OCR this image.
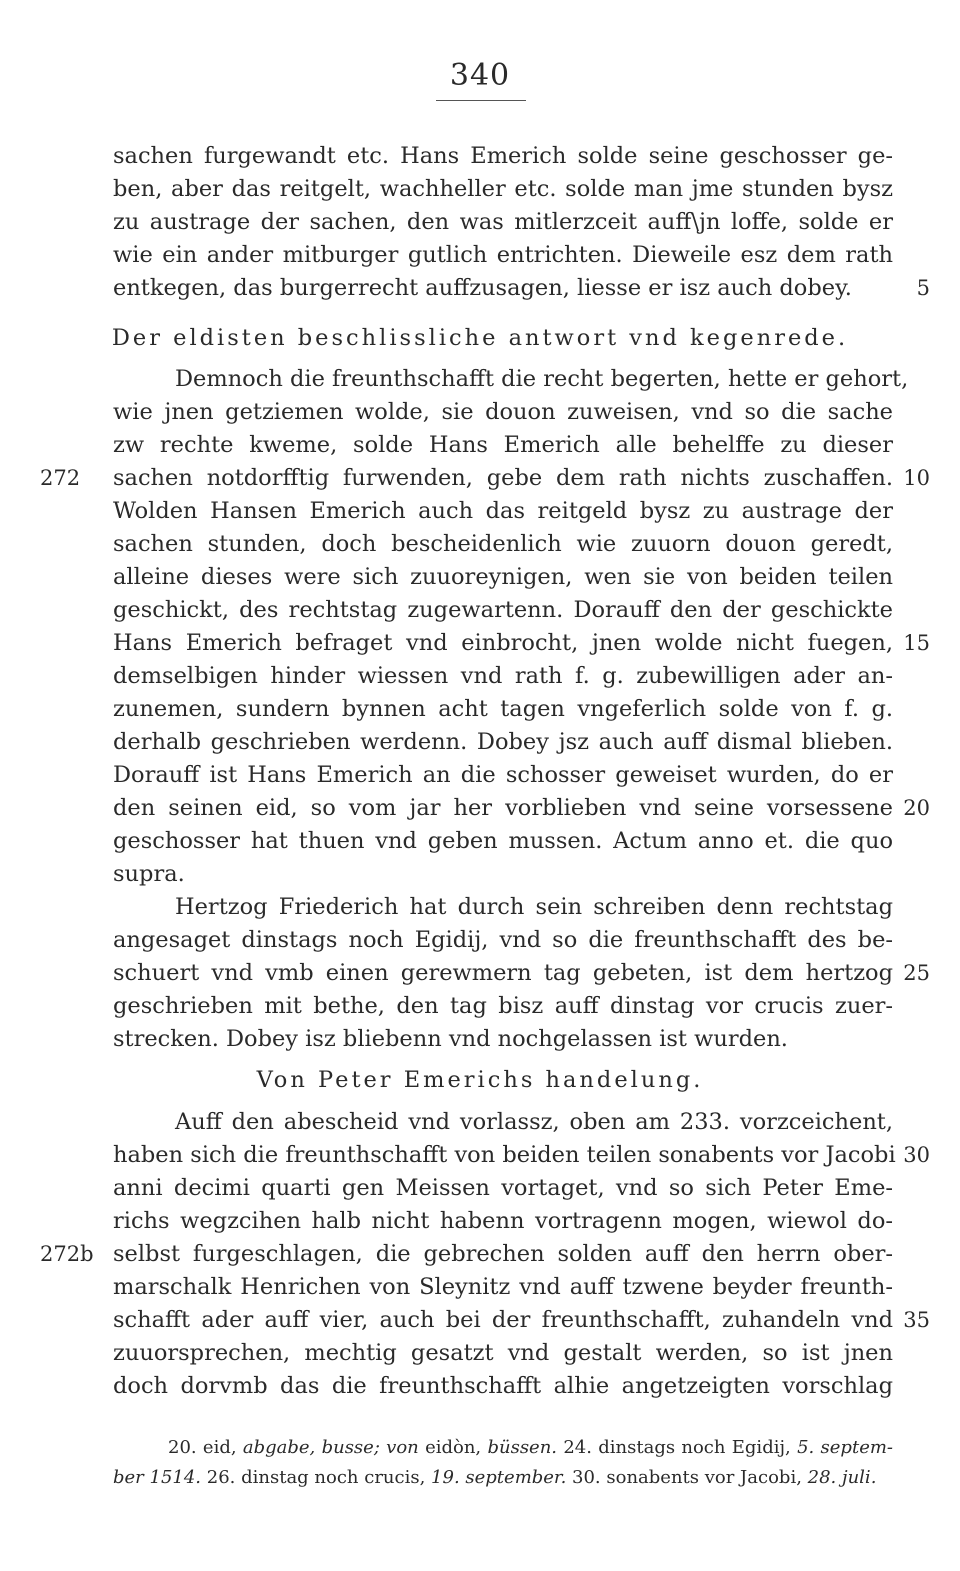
340
sachen furgewandt etc. Hans Emerich solde seine geschosser ge-
ben, aber das reitgelt, wachheller etc. solde man jme stunden bysz
zu austrage der sachen, den was mitlerzceit auff\jn loffe, solde er
wie ein ander mitburger gutlich entrichten. Dieweile esz dem rath
entkegen, das burgerrecht auffzusagen, liesse er isz auch dobey.	5
Der eldisten beschlissliche antwort vnd kegenrede.
Demnoch die freunthschafft die recht begerten, hette er gehort,
wie jnen getziemen wolde, sie douon zuweisen, vnd so die sache
zw rechte kweme, solde Hans Emerich alle behelffe zu dieser
sachen notdorfftig furwenden, gebe dem rath nichts zuschaffen.
272	10
Wolden Hansen Emerich auch das reitgeld bysz zu austrage der
sachen stunden, doch bescheidenlich wie zuuorn douon geredt,
alleine dieses were sich zuuoreynigen, wen sie von beiden teilen
geschickt, des rechtstag zugewartenn. Dorauff den der geschickte
Hans Emerich befraget vnd einbrocht, jnen wolde nicht fuegen, 15
demselbigen hinder wiessen vnd rath f. g. zubewilligen ader an-
zunemen, sundern bynnen acht tagen vngeferlich solde von f. g.
derhalb geschrieben werdenn. Dobey jsz auch auff dismal blieben.
Dorauff ist Hans Emerich an die schosser geweiset wurden, do er
den seinen eid, so vom jar her vorblieben vnd seine vorsessene 20
geschosser hat thuen vnd geben mussen. Actum anno et. die quo
supra.
Hertzog Friederich hat durch sein schreiben denn rechtstag
angesaget dinstags noch Egidij, vnd so die freunthschafft des be-
schuert vnd vmb einen gerewmern tag gebeten, ist dem hertzog 25
geschrieben mit bethe, den tag bisz auff dinstag vor crucis zuer-
strecken. Dobey isz bliebenn vnd nochgelassen ist wurden.
Von Peter Emerichs handelung.
Auff den abescheid vnd vorlassz, oben am 233. vorzceichent,
haben sich die freunthschafft von beiden teilen sonabents vor Jacobi 30
anni decimi quarti gen Meissen vortaget, vnd so sich Peter Eme-
richs wegzcihen halb nicht habenn vortragenn mogen, wiewol do-
selbst furgeschlagen, die gebrechen solden auff den herrn ober-
272b
marschalk Henrichen von Sleynitz vnd auff tzwene beyder freunth-
schafft ader auff vier, auch bei der freunthschafft, zuhandeln vnd 35
zuuorsprechen, mechtig gesatzt vnd gestalt werden, so ist jnen
doch dorvmb das die freunthschafft alhie angetzeigten vorschlag
20. eid, abgabe, busse; von eidòn, büssen. 24. dinstags noch Egidij, 5. septem-
ber 1514. 26. dinstag noch crucis, 19. september. 30. sonabents vor Jacobi, 28. juli.
